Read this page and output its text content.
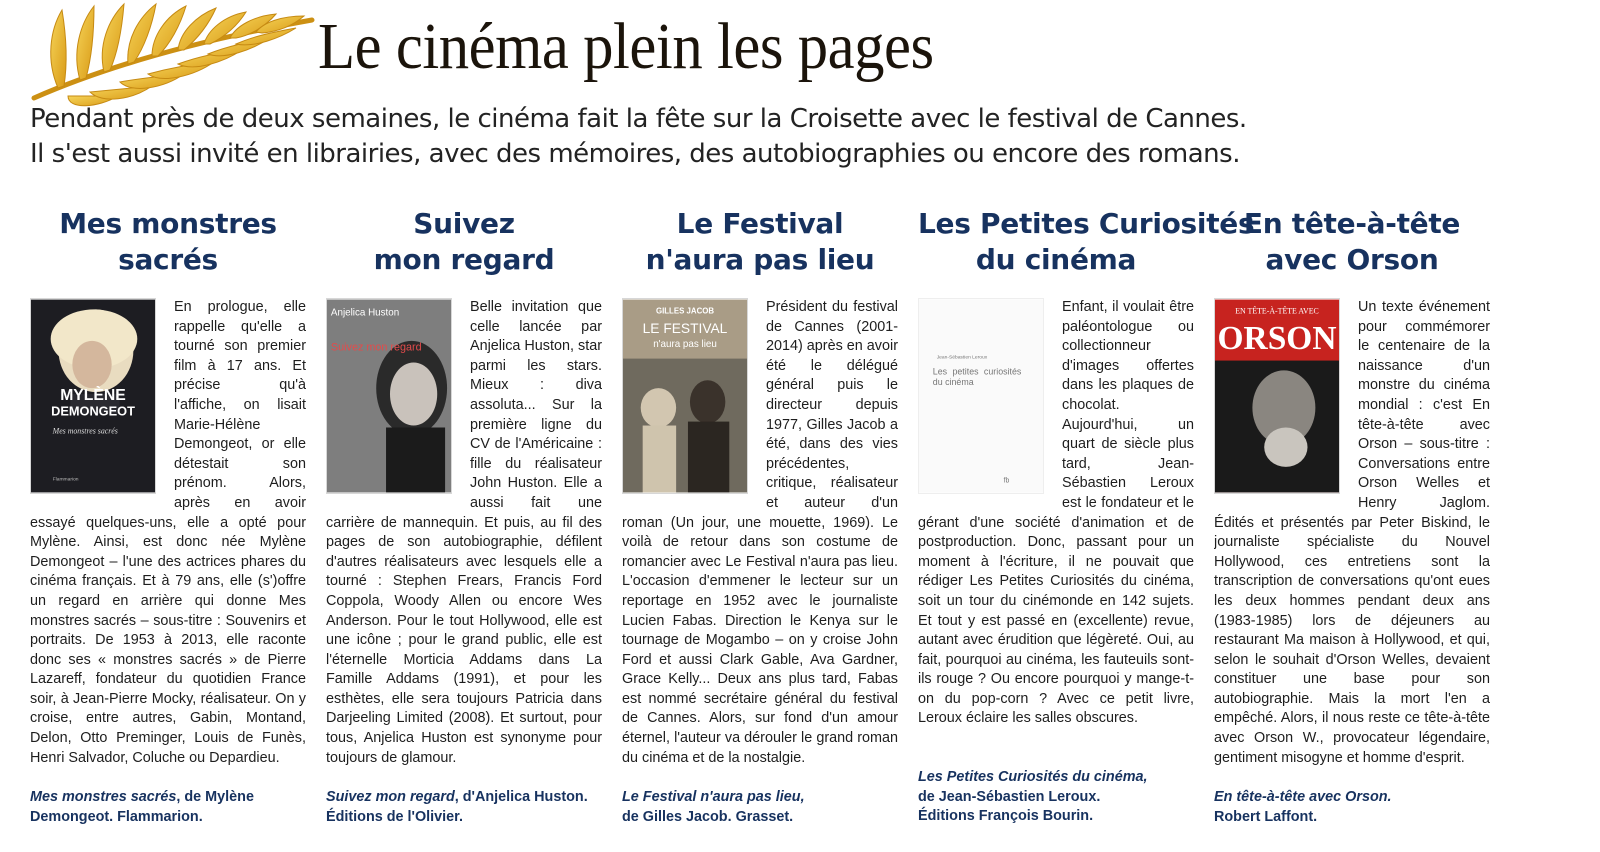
Le cinéma plein les pages

Pendant près de deux semaines, le cinéma fait la fête sur la Croisette avec le festival de Cannes.

Il s'est aussi invité en librairies, avec des mémoires, des autobiographies ou encore des romans.

Mes monstres
sacrés
MYLÈNE
DEMONGEOT
Mes monstres sacrés
Flammarion
En prologue, elle rappelle qu'elle a tourné son premier film à 17 ans. Et précise qu'à l'affiche, on lisait Marie-Hélène Demongeot, or elle détestait son prénom. Alors, après en avoir essayé quelques-uns, elle a opté pour Mylène. Ainsi, est donc née Mylène Demongeot – l'une des actrices phares du cinéma français. Et à 79 ans, elle (s')offre un regard en arrière qui donne Mes monstres sacrés – sous-titre : Souvenirs et portraits. De 1953 à 2013, elle raconte donc ses « monstres sacrés » de Pierre Lazareff, fondateur du quotidien France soir, à Jean-Pierre Mocky, réalisateur. On y croise, entre autres, Gabin, Montand, Delon, Otto Preminger, Louis de Funès, Henri Salvador, Coluche ou Depardieu.
Mes monstres sacrés, de Mylène
Demongeot. Flammarion.
Suivez
mon regard
Anjelica Huston
Suivez mon regard
Belle invitation que celle lancée par Anjelica Huston, star parmi les stars. Mieux : diva assoluta... Sur la première ligne du CV de l'Américaine : fille du réalisateur John Huston. Elle a aussi fait une carrière de mannequin. Et puis, au fil des pages de son autobiographie, défilent d'autres réalisateurs avec lesquels elle a tourné : Stephen Frears, Francis Ford Coppola, Woody Allen ou encore Wes Anderson. Pour le tout Hollywood, elle est une icône ; pour le grand public, elle est l'éternelle Morticia Addams dans La Famille Addams (1991), et pour les esthètes, elle sera toujours Patricia dans Darjeeling Limited (2008). Et surtout, pour tous, Anjelica Huston est synonyme pour toujours de glamour.
Suivez mon regard, d'Anjelica Huston.
Éditions de l'Olivier.
Le Festival
n'aura pas lieu
GILLES JACOB
LE FESTIVAL
n'aura pas lieu
Président du festival de Cannes (2001-2014) après en avoir été le délégué général puis le directeur depuis 1977, Gilles Jacob a été, dans des vies précédentes, critique, réalisateur et auteur d'un roman (Un jour, une mouette, 1969). Le voilà de retour dans son costume de romancier avec Le Festival n'aura pas lieu. L'occasion d'emmener le lecteur sur un reportage en 1952 avec le journaliste Lucien Fabas. Direction le Kenya sur le tournage de Mogambo – on y croise John Ford et aussi Clark Gable, Ava Gardner, Grace Kelly... Deux ans plus tard, Fabas est nommé secrétaire général du festival de Cannes. Alors, sur fond d'un amour éternel, l'auteur va dérouler le grand roman du cinéma et de la nostalgie.
Le Festival n'aura pas lieu,
de Gilles Jacob. Grasset.
Les Petites Curiosités
du cinéma
Jean-Sébastien Leroux
Les petites curiosités du cinéma
fb
Enfant, il voulait être paléontologue ou collectionneur d'images offertes dans les plaques de chocolat. Aujourd'hui, un quart de siècle plus tard, Jean-Sébastien Leroux est le fondateur et le gérant d'une société d'animation et de postproduction. Donc, passant pour un moment à l'écriture, il ne pouvait que rédiger Les Petites Curiosités du cinéma, soit un tour du cinémonde en 142 sujets. Et tout y est passé en (excellente) revue, autant avec érudition que légèreté. Oui, au fait, pourquoi au cinéma, les fauteuils sont-ils rouge ? Ou encore pourquoi y mange-t-on du pop-corn ? Avec ce petit livre, Leroux éclaire les salles obscures.
Les Petites Curiosités du cinéma,
de Jean-Sébastien Leroux.
Éditions François Bourin.
En tête-à-tête
avec Orson
EN TÊTE-À-TÊTE AVEC
ORSON
Un texte événement pour commémorer le centenaire de la naissance d'un monstre du cinéma mondial : c'est En tête-à-tête avec Orson – sous-titre : Conversations entre Orson Welles et Henry Jaglom. Édités et présentés par Peter Biskind, le journaliste spécialiste du Nouvel Hollywood, ces entretiens sont la transcription de conversations qu'ont eues les deux hommes pendant deux ans (1983-1985) lors de déjeuners au restaurant Ma maison à Hollywood, et qui, selon le souhait d'Orson Welles, devaient constituer une base pour son autobiographie. Mais la mort l'en a empêché. Alors, il nous reste ce tête-à-tête avec Orson W., provocateur légendaire, gentiment misogyne et homme d'esprit.
En tête-à-tête avec Orson.
Robert Laffont.
